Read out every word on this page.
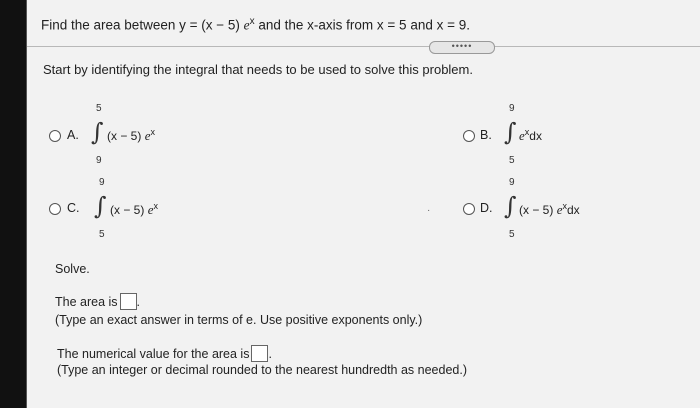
Find the area between y = (x − 5) $e^x$ and the x-axis from x = 5 and x = 9.
•••••
Start by identifying the integral that needs to be used to solve this problem.
A.
5
∫
9
(x − 5) $e^x$	B.
9
∫
5
$e^xdx$
C.
9
∫
5
(x − 5) $e^x$	·	D.
9
∫
5
(x − 5) $e^xdx$
Solve.
The area is .
(Type an exact answer in terms of e. Use positive exponents only.)
The numerical value for the area is .
(Type an integer or decimal rounded to the nearest hundredth as needed.)
